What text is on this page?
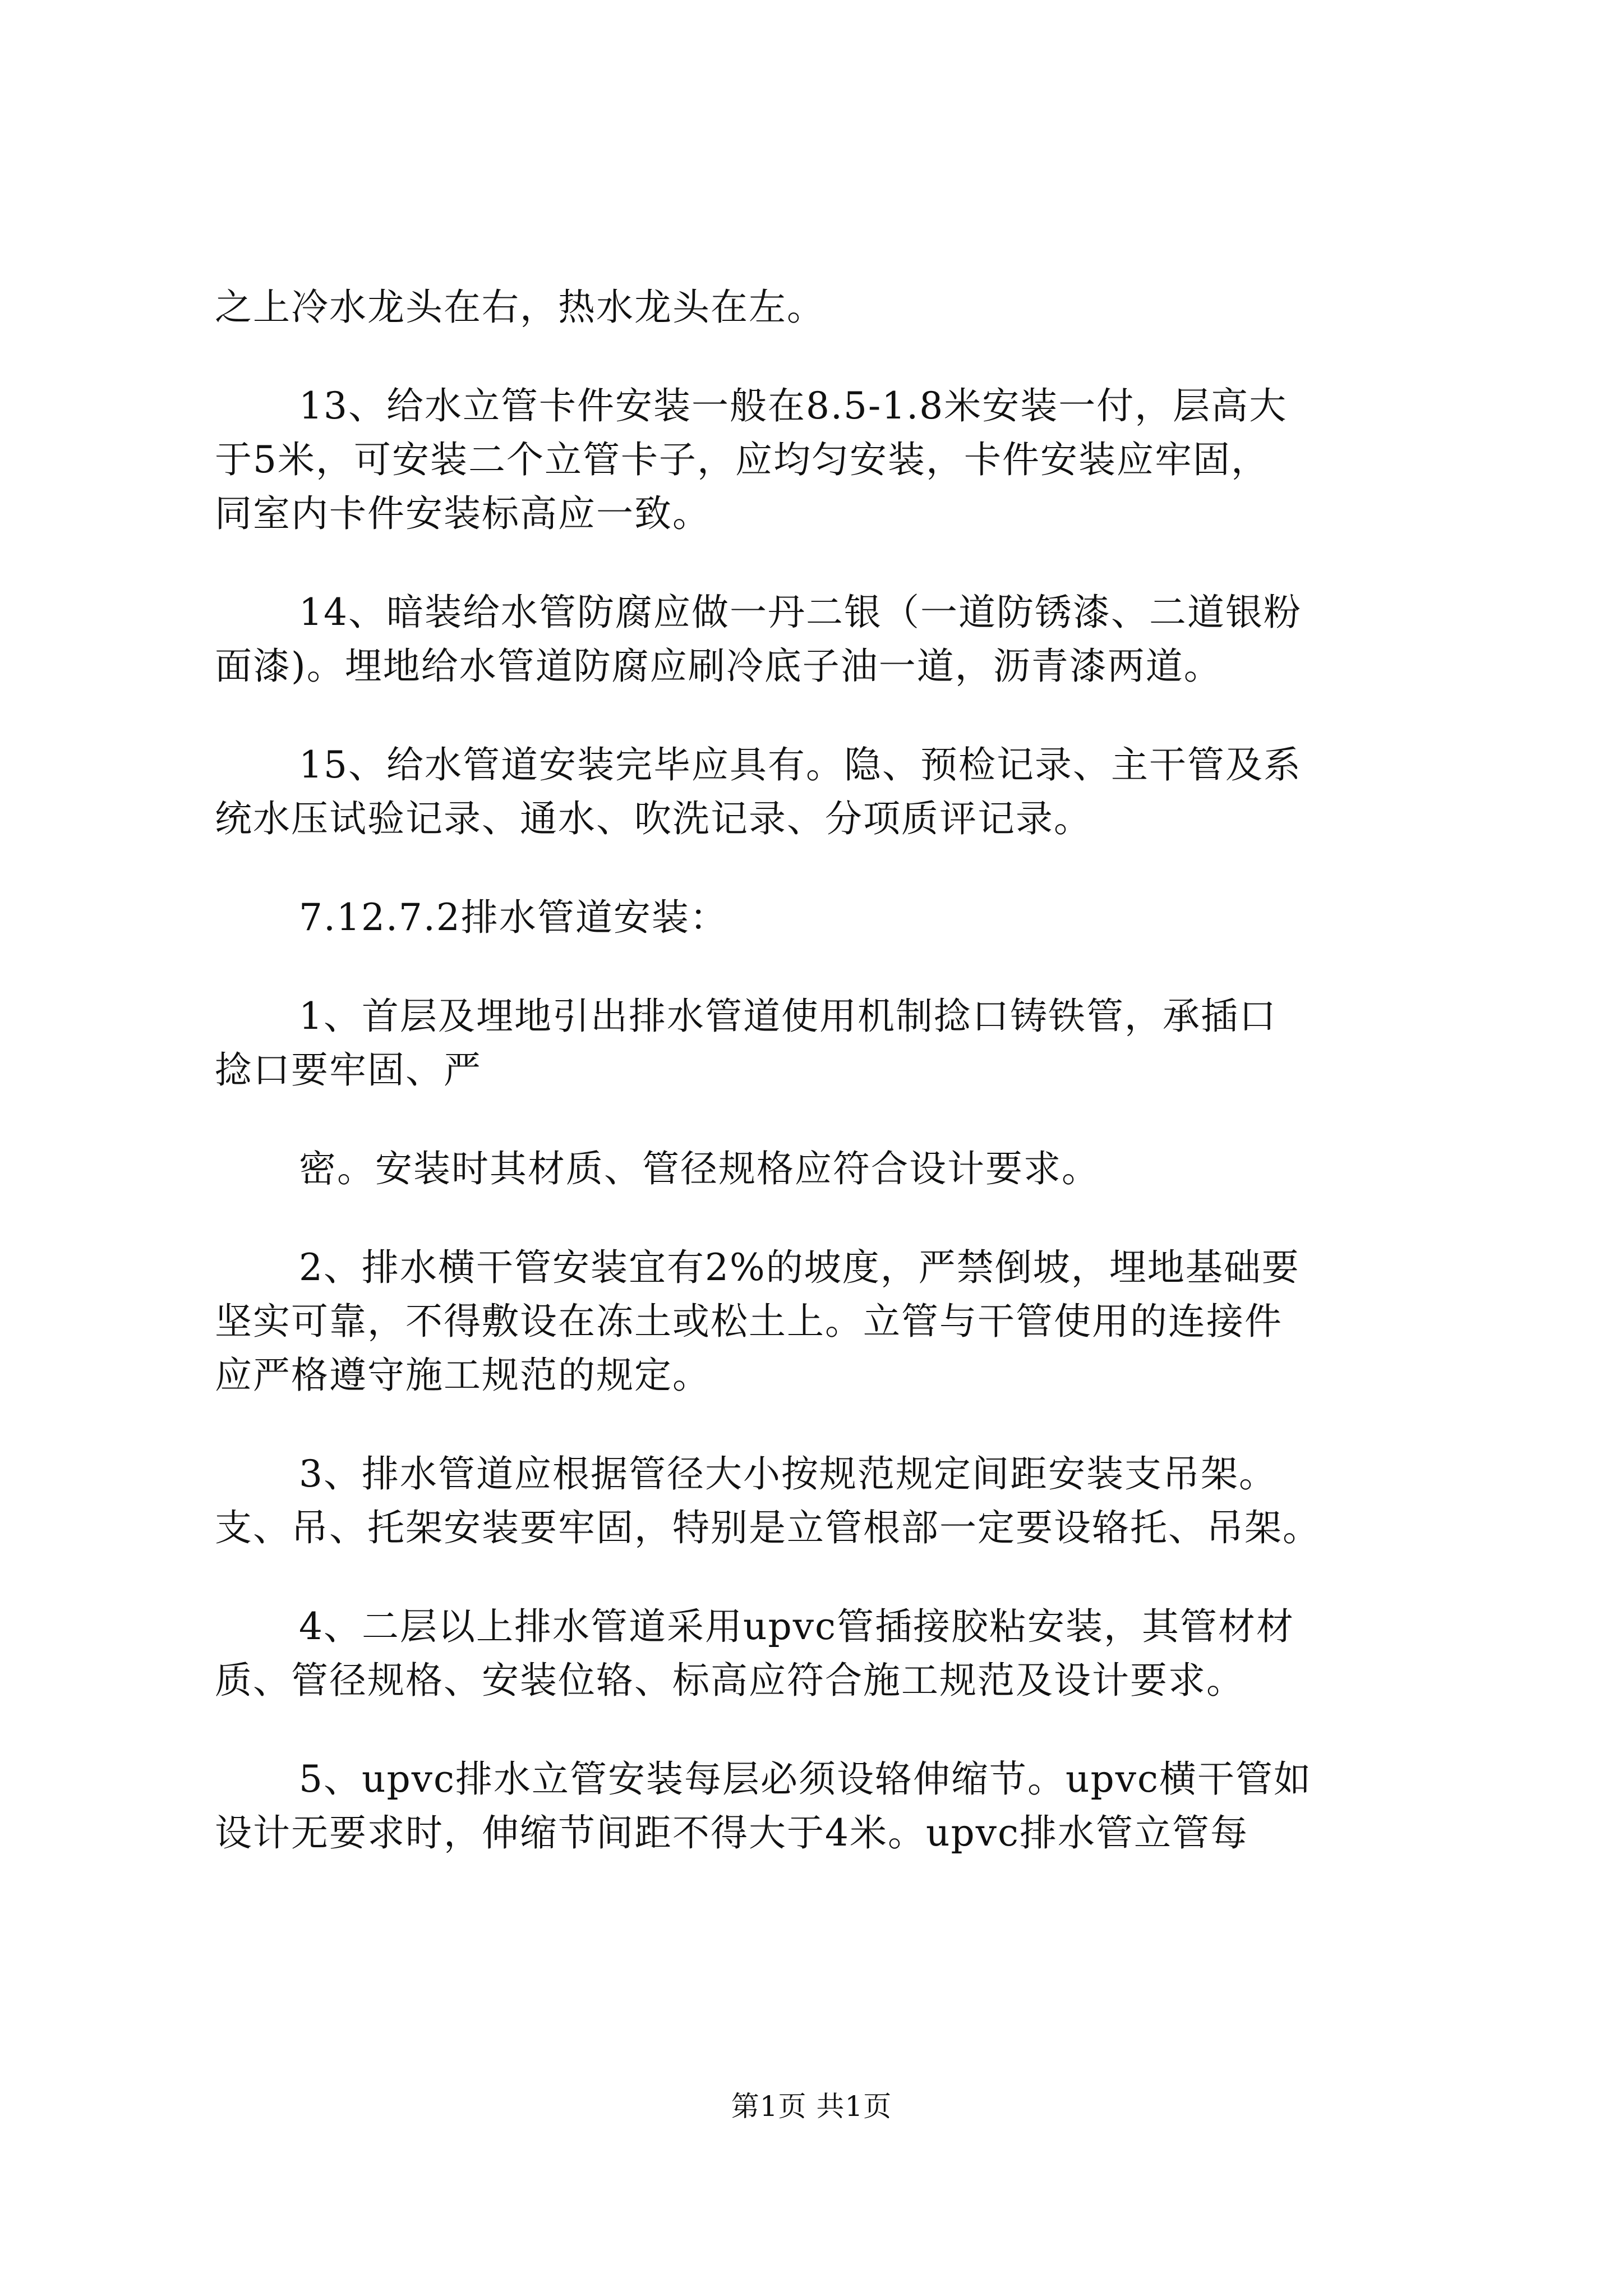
之上冷水龙头在右，热水龙头在左。
13、给水立管卡件安装一般在8.5-1.8米安装一付，层高大
于5米，可安装二个立管卡子，应均匀安装，卡件安装应牢固，
同室内卡件安装标高应一致。
14、暗装给水管防腐应做一丹二银（一道防锈漆、二道银粉
面漆)。埋地给水管道防腐应刷冷底子油一道，沥青漆两道。
15、给水管道安装完毕应具有。隐、预检记录、主干管及系
统水压试验记录、通水、吹洗记录、分项质评记录。
7.12.7.2排水管道安装：
1、首层及埋地引出排水管道使用机制捻口铸铁管，承插口
捻口要牢固、严
密。安装时其材质、管径规格应符合设计要求。
2、排水横干管安装宜有2%的坡度，严禁倒坡，埋地基础要
坚实可靠，不得敷设在冻土或松土上。立管与干管使用的连接件
应严格遵守施工规范的规定。
3、排水管道应根据管径大小按规范规定间距安装支吊架。
支、吊、托架安装要牢固，特别是立管根部一定要设辂托、吊架。
4、二层以上排水管道采用upvc管插接胶粘安装，其管材材
质、管径规格、安装位辂、标高应符合施工规范及设计要求。
5、upvc排水立管安装每层必须设辂伸缩节。upvc横干管如
设计无要求时，伸缩节间距不得大于4米。upvc排水管立管每
第1页 共1页
